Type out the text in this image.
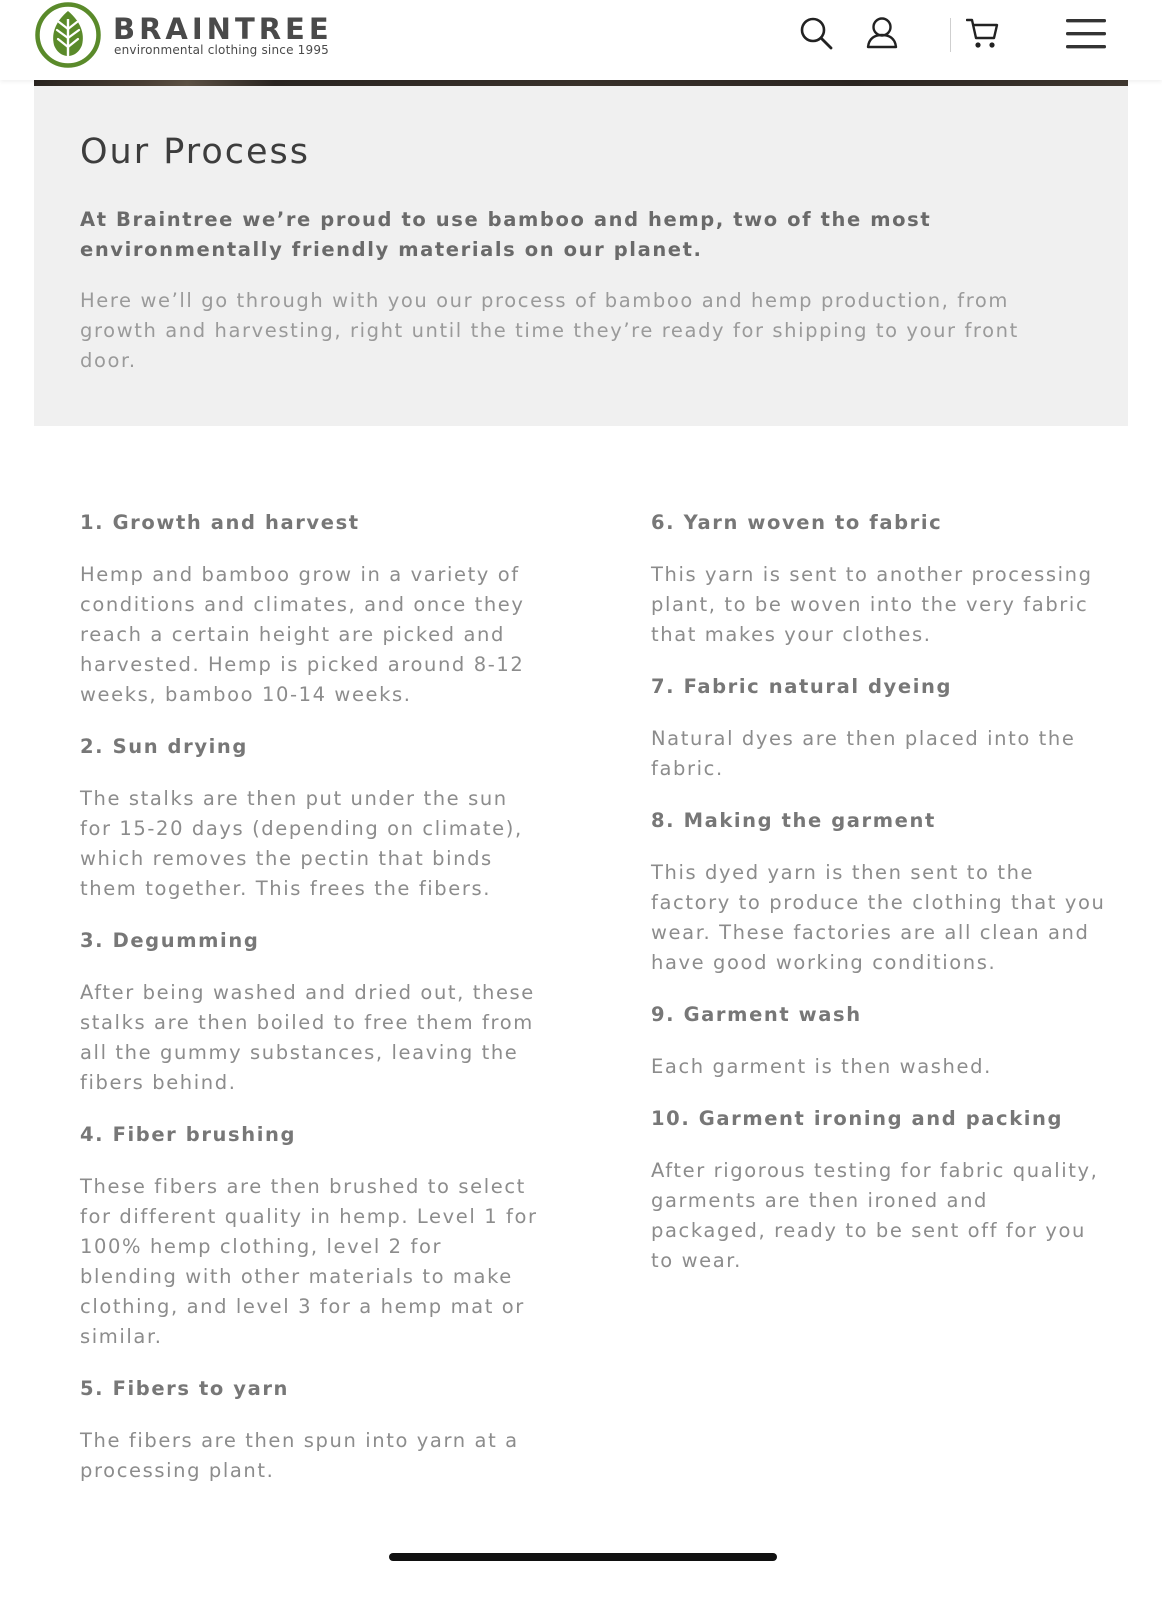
BRAINTREE
environmental clothing since 1995
Our Process

At Braintree we’re proud to use bamboo and hemp, two of the most environmentally friendly materials on our planet.

Here we’ll go through with you our process of bamboo and hemp production, from growth and harvesting, right until the time they’re ready for shipping to your front door.

1. Growth and harvest

Hemp and bamboo grow in a variety of conditions and climates, and once they reach a certain height are picked and harvested. Hemp is picked around 8-12 weeks, bamboo 10-14 weeks.

2. Sun drying

The stalks are then put under the sun for 15-20 days (depending on climate), which removes the pectin that binds them together. This frees the fibers.

3. Degumming

After being washed and dried out, these stalks are then boiled to free them from all the gummy substances, leaving the fibers behind.

4. Fiber brushing

These fibers are then brushed to select for different quality in hemp. Level 1 for 100% hemp clothing, level 2 for blending with other materials to make clothing, and level 3 for a hemp mat or similar.

5. Fibers to yarn

The fibers are then spun into yarn at a processing plant.

6. Yarn woven to fabric

This yarn is sent to another processing plant, to be woven into the very fabric that makes your clothes.

7. Fabric natural dyeing

Natural dyes are then placed into the fabric.

8. Making the garment

This dyed yarn is then sent to the factory to produce the clothing that you wear. These factories are all clean and have good working conditions.

9. Garment wash

Each garment is then washed.

10. Garment ironing and packing

After rigorous testing for fabric quality, garments are then ironed and packaged, ready to be sent off for you to wear.
